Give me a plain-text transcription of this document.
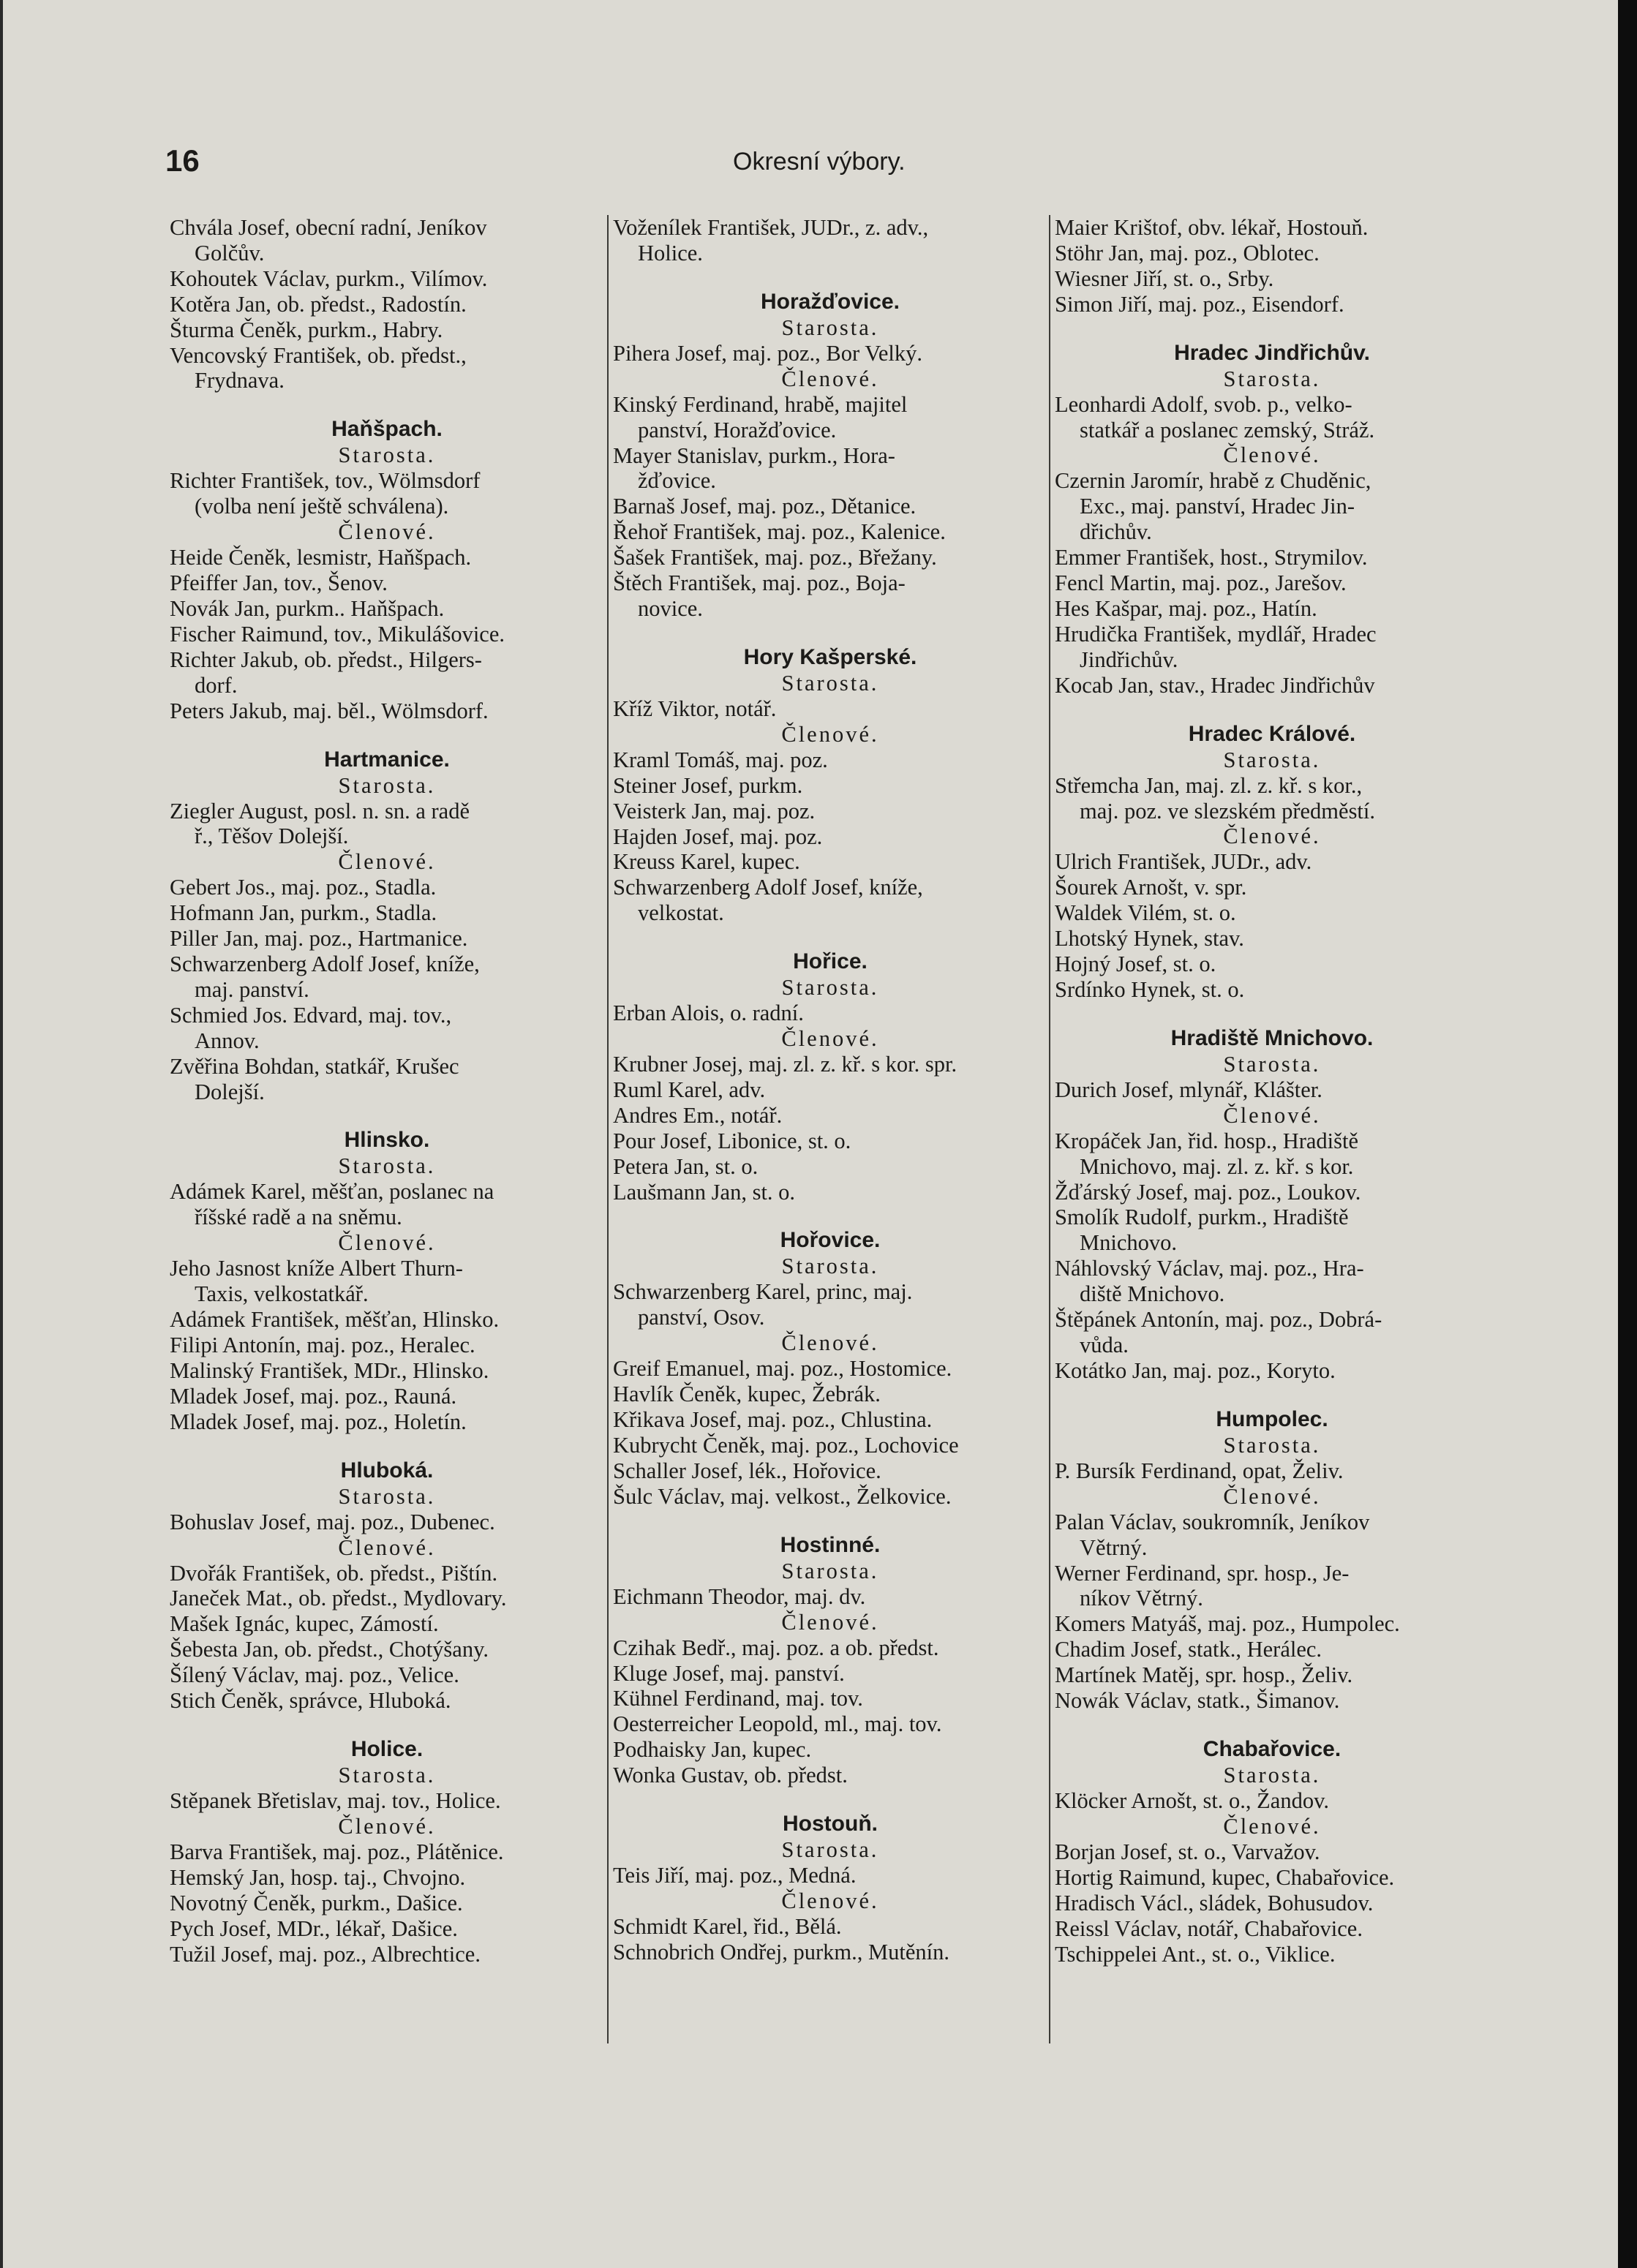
16	Okresní výbory.
Chvála Josef, obecní radní, Jeníkov
Golčův.
Kohoutek Václav, purkm., Vilímov.
Kotěra Jan, ob. předst., Radostín.
Šturma Čeněk, purkm., Habry.
Vencovský František, ob. předst.,
Frydnava.
Haňšpach.
Starosta.
Richter František, tov., Wölmsdorf
(volba není ještě schválena).
Členové.
Heide Čeněk, lesmistr, Haňšpach.
Pfeiffer Jan, tov., Šenov.
Novák Jan, purkm.. Haňšpach.
Fischer Raimund, tov., Mikulášovice.
Richter Jakub, ob. předst., Hilgers-
dorf.
Peters Jakub, maj. běl., Wölmsdorf.
Hartmanice.
Starosta.
Ziegler August, posl. n. sn. a radě
ř., Těšov Dolejší.
Členové.
Gebert Jos., maj. poz., Stadla.
Hofmann Jan, purkm., Stadla.
Piller Jan, maj. poz., Hartmanice.
Schwarzenberg Adolf Josef, kníže,
maj. panství.
Schmied Jos. Edvard, maj. tov.,
Annov.
Zvěřina Bohdan, statkář, Krušec
Dolejší.
Hlinsko.
Starosta.
Adámek Karel, měšťan, poslanec na
říšské radě a na sněmu.
Členové.
Jeho Jasnost kníže Albert Thurn-
Taxis, velkostatkář.
Adámek František, měšťan, Hlinsko.
Filipi Antonín, maj. poz., Heralec.
Malinský František, MDr., Hlinsko.
Mladek Josef, maj. poz., Rauná.
Mladek Josef, maj. poz., Holetín.
Hluboká.
Starosta.
Bohuslav Josef, maj. poz., Dubenec.
Členové.
Dvořák František, ob. předst., Pištín.
Janeček Mat., ob. předst., Mydlovary.
Mašek Ignác, kupec, Zámostí.
Šebesta Jan, ob. předst., Chotýšany.
Šílený Václav, maj. poz., Velice.
Stich Čeněk, správce, Hluboká.
Holice.
Starosta.
Stěpanek Břetislav, maj. tov., Holice.
Členové.
Barva František, maj. poz., Plátěnice.
Hemský Jan, hosp. taj., Chvojno.
Novotný Čeněk, purkm., Dašice.
Pych Josef, MDr., lékař, Dašice.
Tužil Josef, maj. poz., Albrechtice.
Voženílek František, JUDr., z. adv.,
Holice.
Horažďovice.
Starosta.
Pihera Josef, maj. poz., Bor Velký.
Členové.
Kinský Ferdinand, hrabě, majitel
panství, Horažďovice.
Mayer Stanislav, purkm., Hora-
žďovice.
Barnaš Josef, maj. poz., Dětanice.
Řehoř František, maj. poz., Kalenice.
Šašek František, maj. poz., Břežany.
Štěch František, maj. poz., Boja-
novice.
Hory Kašperské.
Starosta.
Kříž Viktor, notář.
Členové.
Kraml Tomáš, maj. poz.
Steiner Josef, purkm.
Veisterk Jan, maj. poz.
Hajden Josef, maj. poz.
Kreuss Karel, kupec.
Schwarzenberg Adolf Josef, kníže,
velkostat.
Hořice.
Starosta.
Erban Alois, o. radní.
Členové.
Krubner Josej, maj. zl. z. kř. s kor. spr.
Ruml Karel, adv.
Andres Em., notář.
Pour Josef, Libonice, st. o.
Petera Jan, st. o.
Laušmann Jan, st. o.
Hořovice.
Starosta.
Schwarzenberg Karel, princ, maj.
panství, Osov.
Členové.
Greif Emanuel, maj. poz., Hostomice.
Havlík Čeněk, kupec, Žebrák.
Křikava Josef, maj. poz., Chlustina.
Kubrycht Čeněk, maj. poz., Lochovice
Schaller Josef, lék., Hořovice.
Šulc Václav, maj. velkost., Želkovice.
Hostinné.
Starosta.
Eichmann Theodor, maj. dv.
Členové.
Czihak Bedř., maj. poz. a ob. předst.
Kluge Josef, maj. panství.
Kühnel Ferdinand, maj. tov.
Oesterreicher Leopold, ml., maj. tov.
Podhaisky Jan, kupec.
Wonka Gustav, ob. předst.
Hostouň.
Starosta.
Teis Jiří, maj. poz., Medná.
Členové.
Schmidt Karel, řid., Bělá.
Schnobrich Ondřej, purkm., Mutěnín.
Maier Krištof, obv. lékař, Hostouň.
Stöhr Jan, maj. poz., Oblotec.
Wiesner Jiří, st. o., Srby.
Simon Jiří, maj. poz., Eisendorf.
Hradec Jindřichův.
Starosta.
Leonhardi Adolf, svob. p., velko-
statkář a poslanec zemský, Stráž.
Členové.
Czernin Jaromír, hrabě z Chuděnic,
Exc., maj. panství, Hradec Jin-
dřichův.
Emmer František, host., Strymilov.
Fencl Martin, maj. poz., Jarešov.
Hes Kašpar, maj. poz., Hatín.
Hrudička František, mydlář, Hradec
Jindřichův.
Kocab Jan, stav., Hradec Jindřichův
Hradec Králové.
Starosta.
Střemcha Jan, maj. zl. z. kř. s kor.,
maj. poz. ve slezském předměstí.
Členové.
Ulrich František, JUDr., adv.
Šourek Arnošt, v. spr.
Waldek Vilém, st. o.
Lhotský Hynek, stav.
Hojný Josef, st. o.
Srdínko Hynek, st. o.
Hradiště Mnichovo.
Starosta.
Durich Josef, mlynář, Klášter.
Členové.
Kropáček Jan, řid. hosp., Hradiště
Mnichovo, maj. zl. z. kř. s kor.
Žďárský Josef, maj. poz., Loukov.
Smolík Rudolf, purkm., Hradiště
Mnichovo.
Náhlovský Václav, maj. poz., Hra-
diště Mnichovo.
Štěpánek Antonín, maj. poz., Dobrá-
vůda.
Kotátko Jan, maj. poz., Koryto.
Humpolec.
Starosta.
P. Bursík Ferdinand, opat, Želiv.
Členové.
Palan Václav, soukromník, Jeníkov
Větrný.
Werner Ferdinand, spr. hosp., Je-
níkov Větrný.
Komers Matyáš, maj. poz., Humpolec.
Chadim Josef, statk., Herálec.
Martínek Matěj, spr. hosp., Želiv.
Nowák Václav, statk., Šimanov.
Chabařovice.
Starosta.
Klöcker Arnošt, st. o., Žandov.
Členové.
Borjan Josef, st. o., Varvažov.
Hortig Raimund, kupec, Chabařovice.
Hradisch Václ., sládek, Bohusudov.
Reissl Václav, notář, Chabařovice.
Tschippelei Ant., st. o., Viklice.
